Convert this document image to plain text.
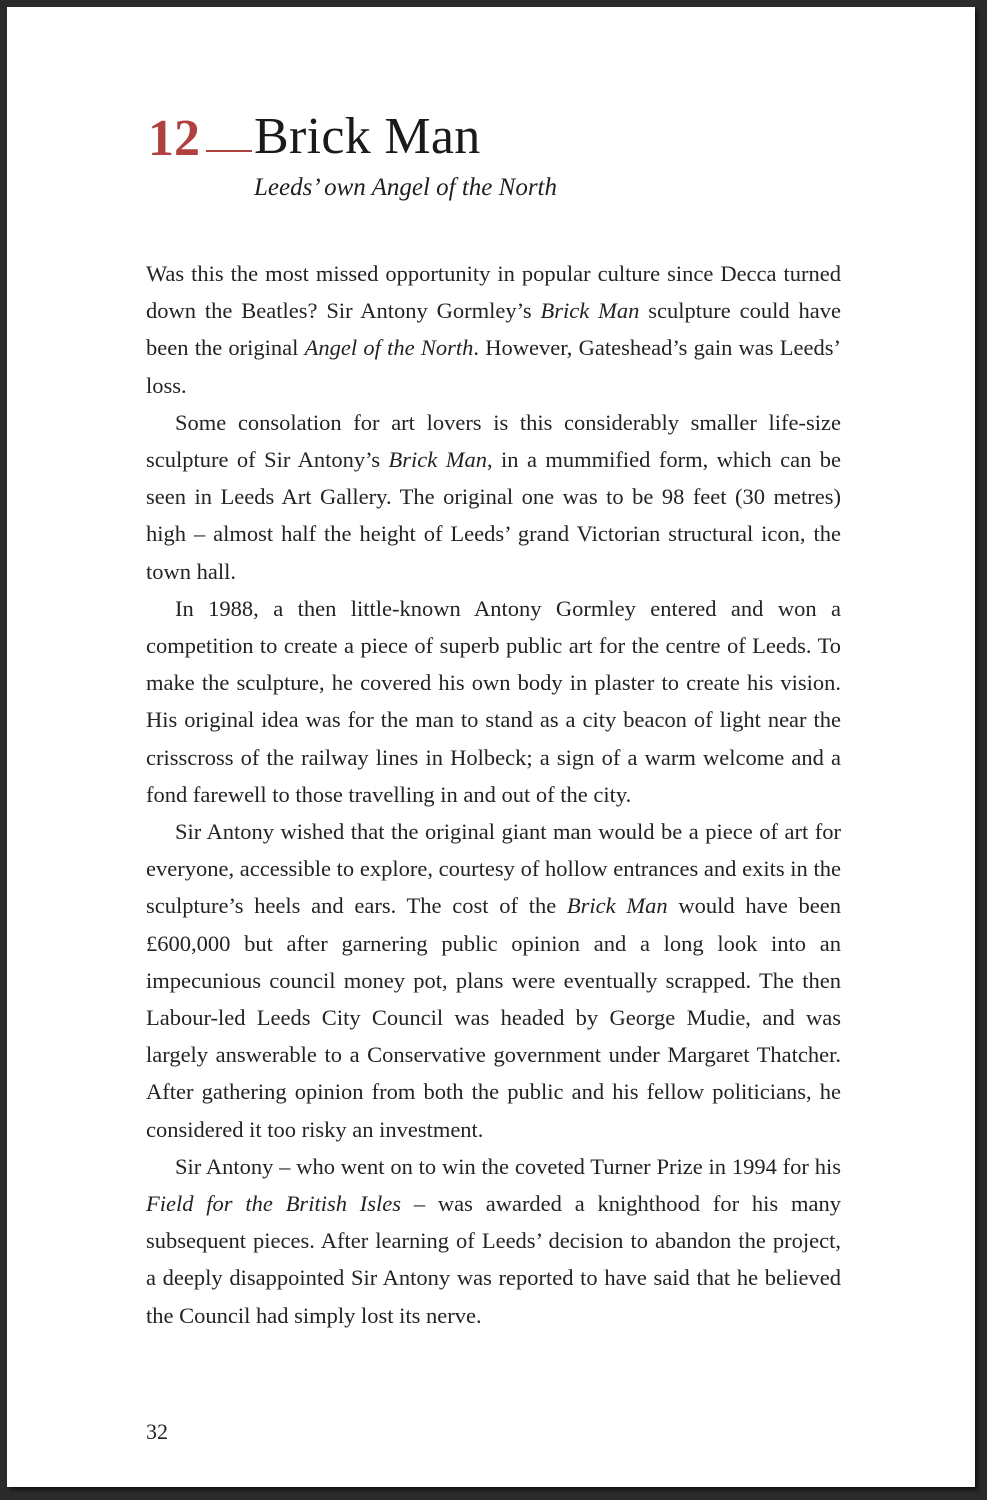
12 Brick Man
Leeds’ own Angel of the North

Was this the most missed opportunity in popular culture since Decca turned down the Beatles? Sir Antony Gormley’s Brick Man sculpture could have been the original Angel of the North. However, Gateshead’s gain was Leeds’ loss.

Some consolation for art lovers is this considerably smaller life-size sculpture of Sir Antony’s Brick Man, in a mummified form, which can be seen in Leeds Art Gallery. The original one was to be 98 feet (30 metres) high – almost half the height of Leeds’ grand Victorian structural icon, the town hall.

In 1988, a then little-known Antony Gormley entered and won a competition to create a piece of superb public art for the centre of Leeds. To make the sculpture, he covered his own body in plaster to create his vision. His original idea was for the man to stand as a city beacon of light near the crisscross of the railway lines in Holbeck; a sign of a warm welcome and a fond farewell to those travelling in and out of the city.

Sir Antony wished that the original giant man would be a piece of art for everyone, accessible to explore, courtesy of hollow entrances and exits in the sculpture’s heels and ears. The cost of the Brick Man would have been £600,000 but after garnering public opinion and a long look into an impecunious council money pot, plans were eventually scrapped. The then Labour-led Leeds City Council was headed by George Mudie, and was largely answerable to a Conservative government under Margaret Thatcher. After gathering opinion from both the public and his fellow politicians, he considered it too risky an investment.

Sir Antony – who went on to win the coveted Turner Prize in 1994 for his Field for the British Isles – was awarded a knighthood for his many subsequent pieces. After learning of Leeds’ decision to abandon the project, a deeply disappointed Sir Antony was reported to have said that he believed the Council had simply lost its nerve.

32
